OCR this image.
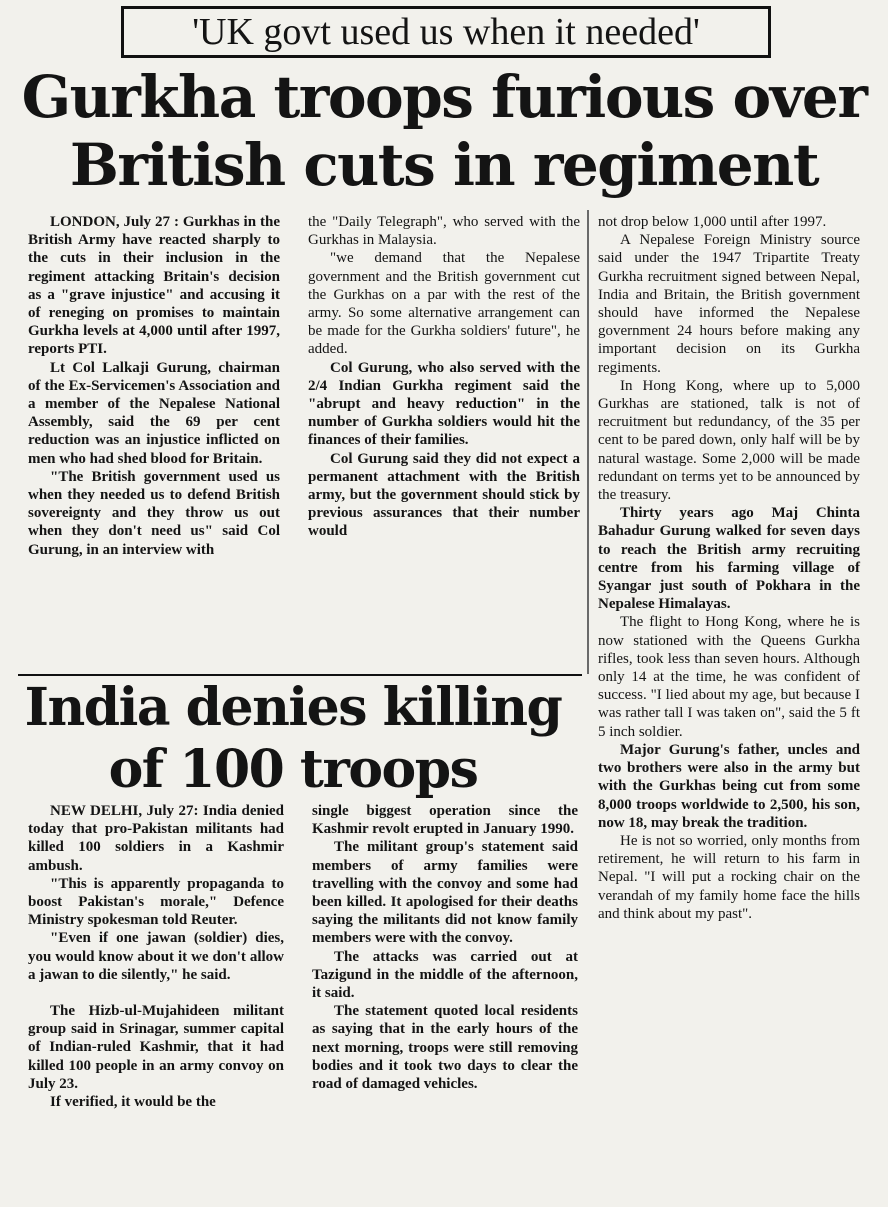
'UK govt used us when it needed'
Gurkha troops furious over
British cuts in regiment

LONDON, July 27 : Gurkhas in the British Army have reacted sharply to the cuts in their inclusion in the regiment attacking Britain's decision as a "grave injustice" and accusing it of reneging on promises to maintain Gurkha levels at 4,000 until after 1997, reports PTI.

Lt Col Lalkaji Gurung, chairman of the Ex-Servicemen's Association and a member of the Nepalese National Assembly, said the 69 per cent reduction was an injustice inflicted on men who had shed blood for Britain.

"The British government used us when they needed us to defend British sovereignty and they throw us out when they don't need us" said Col Gurung, in an interview with

the "Daily Telegraph", who served with the Gurkhas in Malaysia.

"we demand that the Nepalese government and the British government cut the Gurkhas on a par with the rest of the army. So some alternative arrangement can be made for the Gurkha soldiers' future", he added.

Col Gurung, who also served with the 2/4 Indian Gurkha regiment said the "abrupt and heavy reduction" in the number of Gurkha soldiers would hit the finances of their families.

Col Gurung said they did not expect a permanent attachment with the British army, but the government should stick by previous assurances that their number would

not drop below 1,000 until after 1997.

A Nepalese Foreign Ministry source said under the 1947 Tripartite Treaty Gurkha recruitment signed between Nepal, India and Britain, the British government should have informed the Nepalese government 24 hours before making any important decision on its Gurkha regiments.

In Hong Kong, where up to 5,000 Gurkhas are stationed, talk is not of recruitment but redundancy, of the 35 per cent to be pared down, only half will be by natural wastage. Some 2,000 will be made redundant on terms yet to be announced by the treasury.

Thirty years ago Maj Chinta Bahadur Gurung walked for seven days to reach the British army recruiting centre from his farming village of Syangar just south of Pokhara in the Nepalese Himalayas.

The flight to Hong Kong, where he is now stationed with the Queens Gurkha rifles, took less than seven hours. Although only 14 at the time, he was confident of success. "I lied about my age, but because I was rather tall I was taken on", said the 5 ft 5 inch soldier.

Major Gurung's father, uncles and two brothers were also in the army but with the Gurkhas being cut from some 8,000 troops worldwide to 2,500, his son, now 18, may break the tradition.

He is not so worried, only months from retirement, he will return to his farm in Nepal. "I will put a rocking chair on the verandah of my family home face the hills and think about my past".

India denies killing
of 100 troops

NEW DELHI, July 27: India denied today that pro-Pakistan militants had killed 100 soldiers in a Kashmir ambush.

"This is apparently propaganda to boost Pakistan's morale," Defence Ministry spokesman told Reuter.

"Even if one jawan (soldier) dies, you would know about it we don't allow a jawan to die silently," he said.

The Hizb-ul-Mujahideen militant group said in Srinagar, summer capital of Indian-ruled Kashmir, that it had killed 100 people in an army convoy on July 23.

If verified, it would be the

single biggest operation since the Kashmir revolt erupted in January 1990.

The militant group's statement said members of army families were travelling with the convoy and some had been killed. It apologised for their deaths saying the militants did not know family members were with the convoy.

The attacks was carried out at Tazigund in the middle of the afternoon, it said.

The statement quoted local residents as saying that in the early hours of the next morning, troops were still removing bodies and it took two days to clear the road of damaged vehicles.
